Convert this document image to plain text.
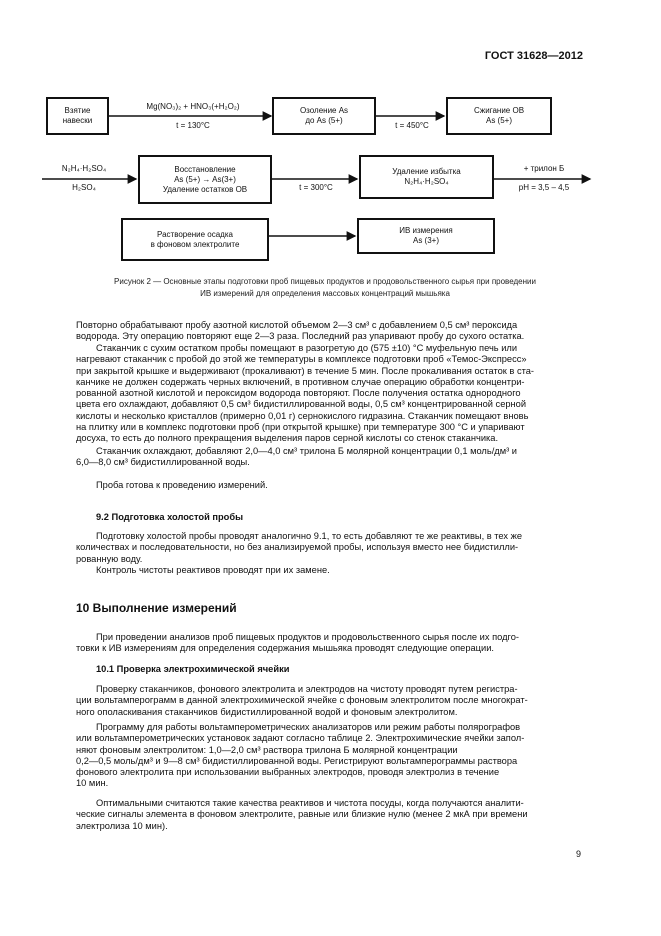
ГОСТ 31628—2012
Взятие
навески
Mg(NO₃)₂ + HNO₃(+H₂O₂)
t = 130°C
Озоление As
до As (5+)
t = 450°C
Сжигание ОВ
As (5+)
N₂H₄·H₂SO₄
H₂SO₄
Восстановление
As (5+) → As(3+)
Удаление остатков ОВ	t = 300°C
Удаление избытка
N₂H₄·H₂SO₄
+ трилон Б
pH = 3,5 – 4,5
Растворение осадка
в фоновом электролите
ИВ измерения
As (3+)
Рисунок 2 — Основные этапы подготовки проб пищевых продуктов и продовольственного сырья при проведении
ИВ измерений для определения массовых концентраций мышьяка
Повторно обрабатывают пробу азотной кислотой объемом 2—3 см³ с добавлением 0,5 см³ пероксида
водорода. Эту операцию повторяют еще 2—3 раза. Последний раз упаривают пробу до сухого остатка.
Стаканчик с сухим остатком пробы помещают в разогретую до (575 ±10) °С муфельную печь или
нагревают стаканчик с пробой до этой же температуры в комплексе подготовки проб «Темос-Экспресс»
при закрытой крышке и выдерживают (прокаливают) в течение 5 мин. После прокаливания остаток в ста-
канчике не должен содержать черных включений, в противном случае операцию обработки концентри-
рованной азотной кислотой и пероксидом водорода повторяют. После получения остатка однородного
цвета его охлаждают, добавляют 0,5 см³ бидистиллированной воды, 0,5 см³ концентрированной серной
кислоты и несколько кристаллов (примерно 0,01 г) сернокислого гидразина. Стаканчик помещают вновь
на плитку или в комплекс подготовки проб (при открытой крышке) при температуре 300 °С и упаривают
досуха, то есть до полного прекращения выделения паров серной кислоты со стенок стаканчика.
Стаканчик охлаждают, добавляют 2,0—4,0 см³ трилона Б молярной концентрации 0,1 моль/дм³ и
6,0—8,0 см³ бидистиллированной воды.
Проба готова к проведению измерений.
9.2 Подготовка холостой пробы
Подготовку холостой пробы проводят аналогично 9.1, то есть добавляют те же реактивы, в тех же
количествах и последовательности, но без анализируемой пробы, используя вместо нее бидистилли-
рованную воду.
Контроль чистоты реактивов проводят при их замене.
10 Выполнение измерений
При проведении анализов проб пищевых продуктов и продовольственного сырья после их подго-
товки к ИВ измерениям для определения содержания мышьяка проводят следующие операции.
10.1 Проверка электрохимической ячейки
Проверку стаканчиков, фонового электролита и электродов на чистоту проводят путем регистра-
ции вольтамперограмм в данной электрохимической ячейке с фоновым электролитом после многократ-
ного ополаскивания стаканчиков бидистиллированной водой и фоновым электролитом.
Программу для работы вольтамперометрических анализаторов или режим работы полярографов
или вольтамперометрических установок задают согласно таблице 2. Электрохимические ячейки запол-
няют фоновым электролитом: 1,0—2,0 см³ раствора трилона Б молярной концентрации
0,2—0,5 моль/дм³ и 9—8 см³ бидистиллированной воды. Регистрируют вольтамперограммы раствора
фонового электролита при использовании выбранных электродов, проводя электролиз в течение
10 мин.
Оптимальными считаются такие качества реактивов и чистота посуды, когда получаются аналити-
ческие сигналы элемента в фоновом электролите, равные или близкие нулю (менее 2 мкА при времени
электролиза 10 мин).
9
